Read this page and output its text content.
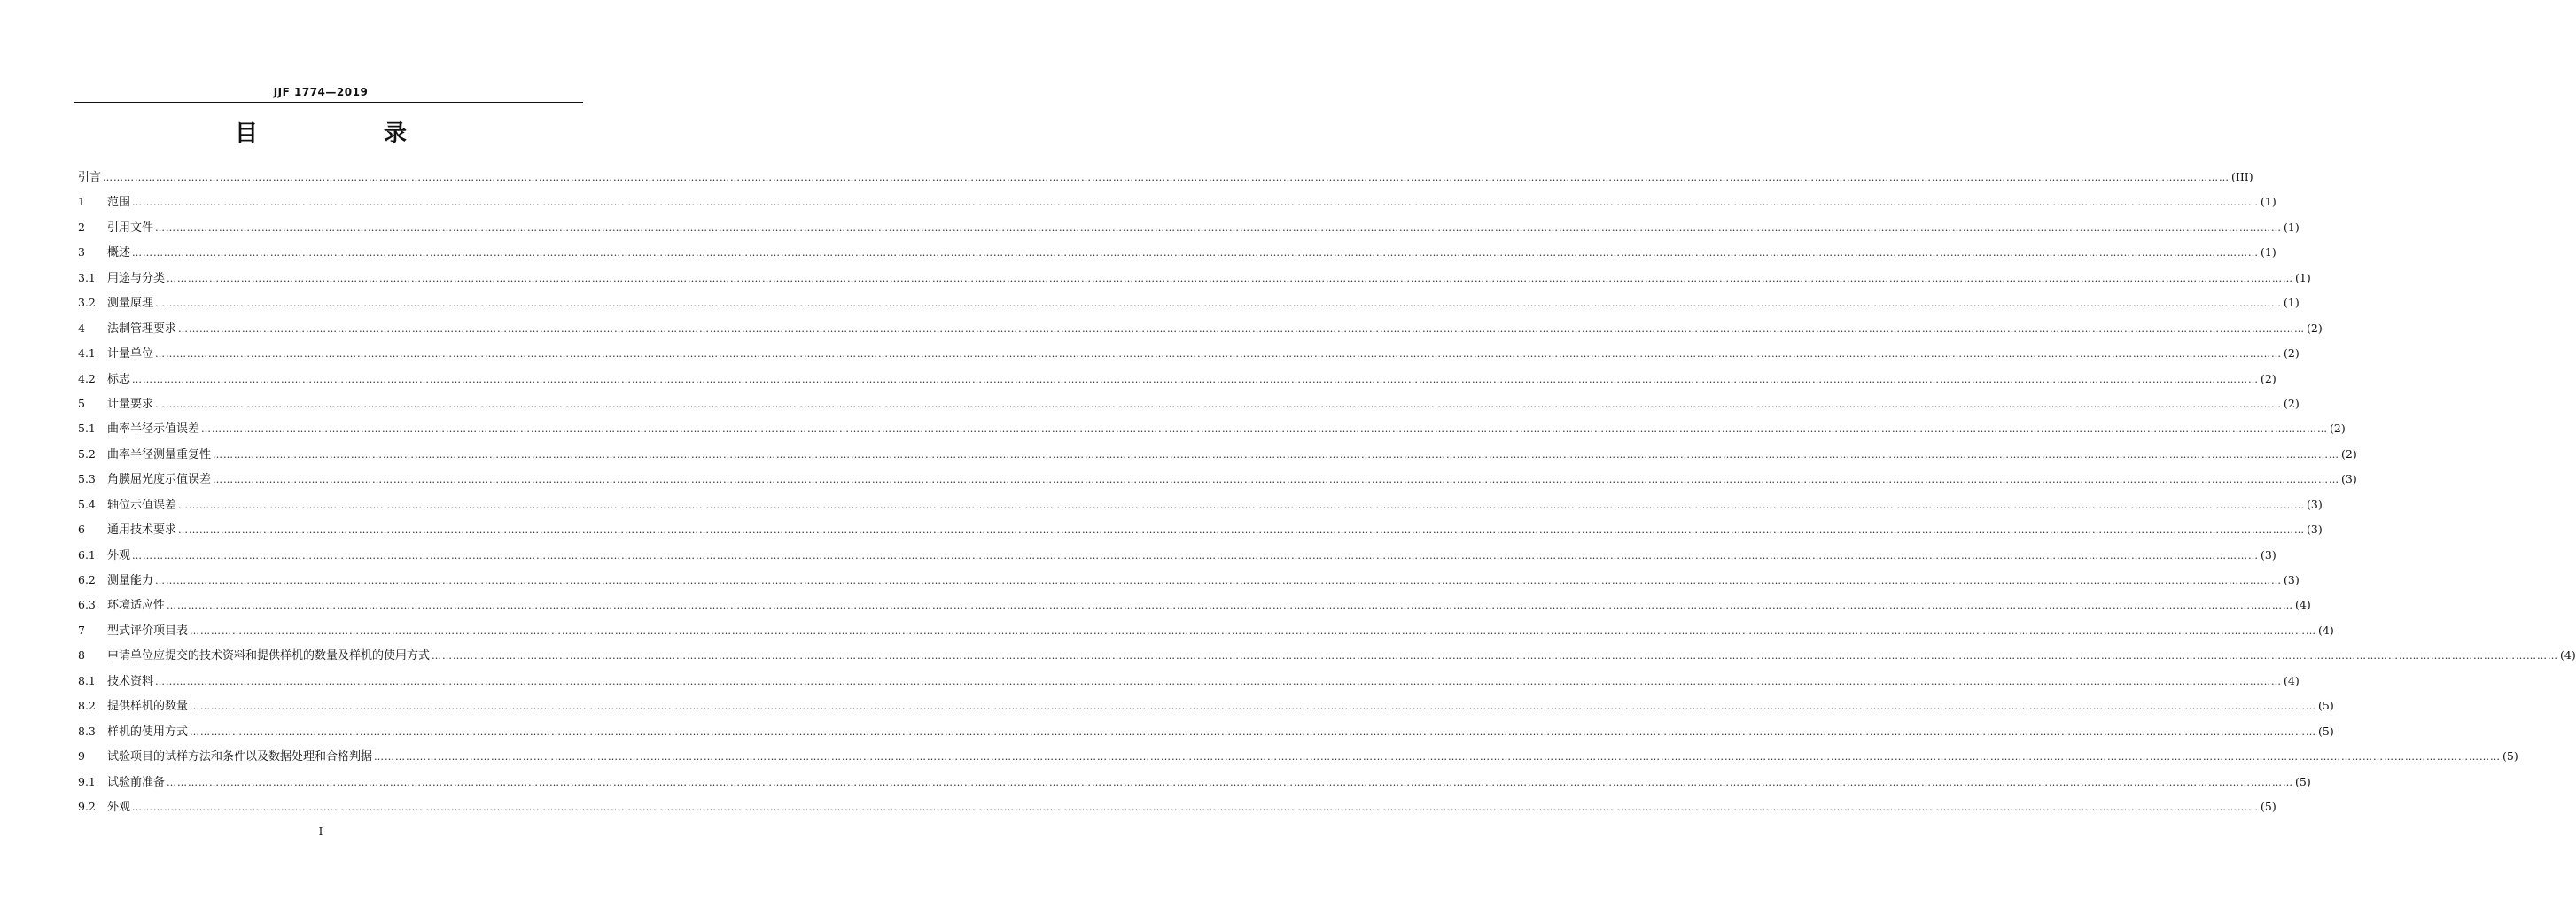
JJF 1774—2019
目　录
引言 …………………………………………………………………………………………………………………………………………………………………………………………………………………………………………………………………………………………………………………………………………………………………………………………………………………………………………………………………………………………………………………………………………………… (III)
1 范围 …………………………………………………………………………………………………………………………………………………………………………………………………………………………………………………………………………………………………………………………………………………………………………………………………………………………………………………………………………………………………………………………………………………… (1)
2 引用文件 …………………………………………………………………………………………………………………………………………………………………………………………………………………………………………………………………………………………………………………………………………………………………………………………………………………………………………………………………………………………………………………………………………………… (1)
3 概述 …………………………………………………………………………………………………………………………………………………………………………………………………………………………………………………………………………………………………………………………………………………………………………………………………………………………………………………………………………………………………………………………………………………… (1)
3.1 用途与分类 …………………………………………………………………………………………………………………………………………………………………………………………………………………………………………………………………………………………………………………………………………………………………………………………………………………………………………………………………………………………………………………………………………………… (1)
3.2 测量原理 …………………………………………………………………………………………………………………………………………………………………………………………………………………………………………………………………………………………………………………………………………………………………………………………………………………………………………………………………………………………………………………………………………………… (1)
4 法制管理要求 …………………………………………………………………………………………………………………………………………………………………………………………………………………………………………………………………………………………………………………………………………………………………………………………………………………………………………………………………………………………………………………………………………………… (2)
4.1 计量单位 …………………………………………………………………………………………………………………………………………………………………………………………………………………………………………………………………………………………………………………………………………………………………………………………………………………………………………………………………………………………………………………………………………………… (2)
4.2 标志 …………………………………………………………………………………………………………………………………………………………………………………………………………………………………………………………………………………………………………………………………………………………………………………………………………………………………………………………………………………………………………………………………………………… (2)
5 计量要求 …………………………………………………………………………………………………………………………………………………………………………………………………………………………………………………………………………………………………………………………………………………………………………………………………………………………………………………………………………………………………………………………………………………… (2)
5.1 曲率半径示值误差 …………………………………………………………………………………………………………………………………………………………………………………………………………………………………………………………………………………………………………………………………………………………………………………………………………………………………………………………………………………………………………………………………………………… (2)
5.2 曲率半径测量重复性 …………………………………………………………………………………………………………………………………………………………………………………………………………………………………………………………………………………………………………………………………………………………………………………………………………………………………………………………………………………………………………………………………………………… (2)
5.3 角膜屈光度示值误差 …………………………………………………………………………………………………………………………………………………………………………………………………………………………………………………………………………………………………………………………………………………………………………………………………………………………………………………………………………………………………………………………………………………… (3)
5.4 轴位示值误差 …………………………………………………………………………………………………………………………………………………………………………………………………………………………………………………………………………………………………………………………………………………………………………………………………………………………………………………………………………………………………………………………………………………… (3)
6 通用技术要求 …………………………………………………………………………………………………………………………………………………………………………………………………………………………………………………………………………………………………………………………………………………………………………………………………………………………………………………………………………………………………………………………………………………… (3)
6.1 外观 …………………………………………………………………………………………………………………………………………………………………………………………………………………………………………………………………………………………………………………………………………………………………………………………………………………………………………………………………………………………………………………………………………………… (3)
6.2 测量能力 …………………………………………………………………………………………………………………………………………………………………………………………………………………………………………………………………………………………………………………………………………………………………………………………………………………………………………………………………………………………………………………………………………………… (3)
6.3 环境适应性 …………………………………………………………………………………………………………………………………………………………………………………………………………………………………………………………………………………………………………………………………………………………………………………………………………………………………………………………………………………………………………………………………………………… (4)
7 型式评价项目表 …………………………………………………………………………………………………………………………………………………………………………………………………………………………………………………………………………………………………………………………………………………………………………………………………………………………………………………………………………………………………………………………………………………… (4)
8 申请单位应提交的技术资料和提供样机的数量及样机的使用方式 …………………………………………………………………………………………………………………………………………………………………………………………………………………………………………………………………………………………………………………………………………………………………………………………………………………………………………………………………………………………………………………………………………………… (4)
8.1 技术资料 …………………………………………………………………………………………………………………………………………………………………………………………………………………………………………………………………………………………………………………………………………………………………………………………………………………………………………………………………………………………………………………………………………………… (4)
8.2 提供样机的数量 …………………………………………………………………………………………………………………………………………………………………………………………………………………………………………………………………………………………………………………………………………………………………………………………………………………………………………………………………………………………………………………………………………………… (5)
8.3 样机的使用方式 …………………………………………………………………………………………………………………………………………………………………………………………………………………………………………………………………………………………………………………………………………………………………………………………………………………………………………………………………………………………………………………………………………………… (5)
9 试验项目的试样方法和条件以及数据处理和合格判据 …………………………………………………………………………………………………………………………………………………………………………………………………………………………………………………………………………………………………………………………………………………………………………………………………………………………………………………………………………………………………………………………………………………… (5)
9.1 试验前准备 …………………………………………………………………………………………………………………………………………………………………………………………………………………………………………………………………………………………………………………………………………………………………………………………………………………………………………………………………………………………………………………………………………………… (5)
9.2 外观 …………………………………………………………………………………………………………………………………………………………………………………………………………………………………………………………………………………………………………………………………………………………………………………………………………………………………………………………………………………………………………………………………………………… (5)
I
